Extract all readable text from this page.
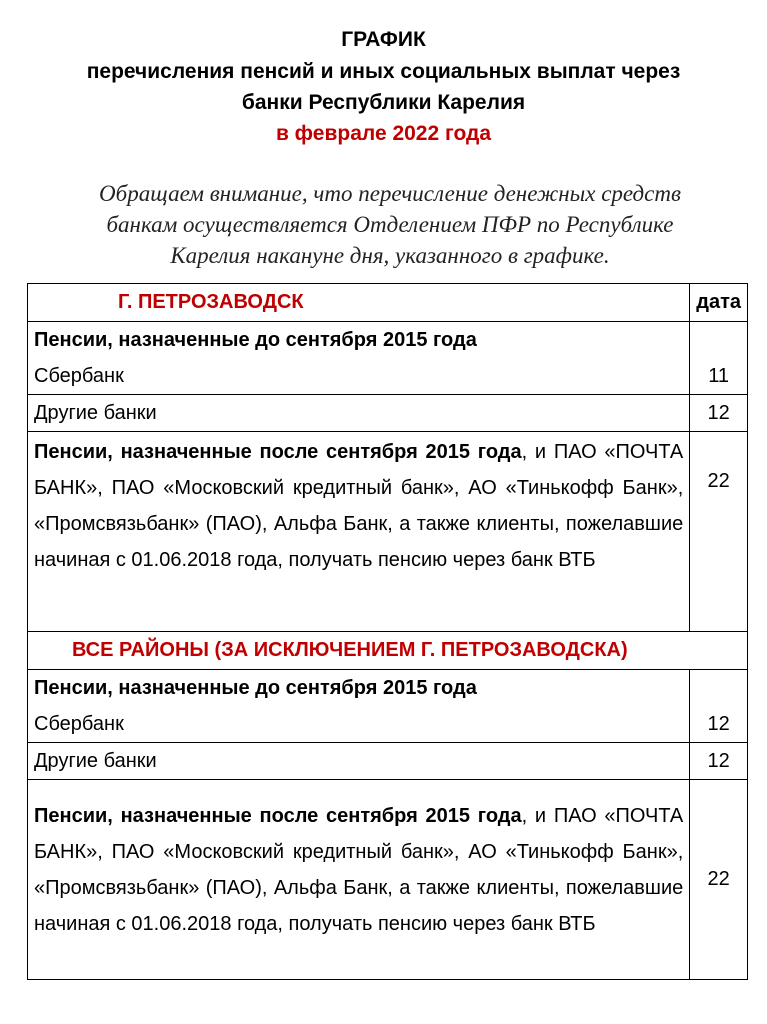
ГРАФИК
перечисления пенсий и иных социальных выплат через
банки Республики Карелия
в феврале 2022 года
Обращаем внимание, что перечисление денежных средств
банкам осуществляется Отделением ПФР по Республике
Карелия накануне дня, указанного в графике.
Г. ПЕТРОЗАВОДСК	дата

Пенсии, назначенные до сентября 2015 года
Сбербанк	11
Другие банки	12
Пенсии, назначенные после сентября 2015 года, и ПАО «ПОЧТА БАНК», ПАО «Московский кредитный банк», АО «Тинькофф Банк», «Промсвязьбанк» (ПАО), Альфа Банк, а также клиенты, пожелавшие начиная с 01.06.2018 года, получать пенсию через банк ВТБ	22
ВСЕ РАЙОНЫ (ЗА ИСКЛЮЧЕНИЕМ Г. ПЕТРОЗАВОДСКА)	

Пенсии, назначенные до сентября 2015 года
Сбербанк	12
Другие банки	12
Пенсии, назначенные после сентября 2015 года, и ПАО «ПОЧТА БАНК», ПАО «Московский кредитный банк», АО «Тинькофф Банк», «Промсвязьбанк» (ПАО), Альфа Банк, а также клиенты, пожелавшие начиная с 01.06.2018 года, получать пенсию через банк ВТБ	22
